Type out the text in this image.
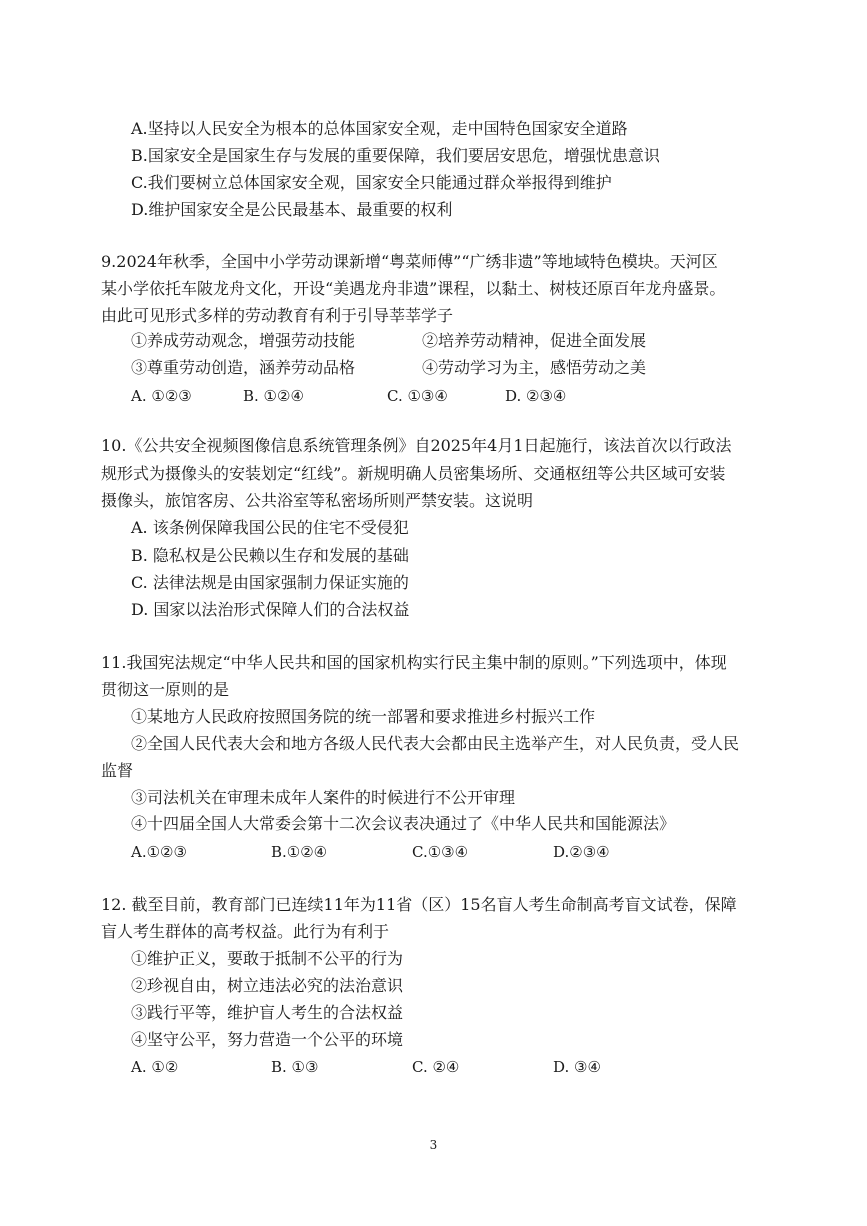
A.坚持以人民安全为根本的总体国家安全观，走中国特色国家安全道路
B.国家安全是国家生存与发展的重要保障，我们要居安思危，增强忧患意识
C.我们要树立总体国家安全观，国家安全只能通过群众举报得到维护
D.维护国家安全是公民最基本、最重要的权利
9.2024年秋季，全国中小学劳动课新增“粤菜师傅”“广绣非遗”等地域特色模块。天河区
某小学依托车陂龙舟文化，开设“美遇龙舟非遗”课程，以黏土、树枝还原百年龙舟盛景。
由此可见形式多样的劳动教育有利于引导莘莘学子
①养成劳动观念，增强劳动技能	②培养劳动精神，促进全面发展
③尊重劳动创造，涵养劳动品格	④劳动学习为主，感悟劳动之美
A. ①②③	B. ①②④	C. ①③④	D. ②③④
10.《公共安全视频图像信息系统管理条例》自2025年4月1日起施行，该法首次以行政法
规形式为摄像头的安装划定“红线”。新规明确人员密集场所、交通枢纽等公共区域可安装
摄像头，旅馆客房、公共浴室等私密场所则严禁安装。这说明
A. 该条例保障我国公民的住宅不受侵犯
B. 隐私权是公民赖以生存和发展的基础
C. 法律法规是由国家强制力保证实施的
D. 国家以法治形式保障人们的合法权益
11.我国宪法规定“中华人民共和国的国家机构实行民主集中制的原则。”下列选项中，体现
贯彻这一原则的是
①某地方人民政府按照国务院的统一部署和要求推进乡村振兴工作
②全国人民代表大会和地方各级人民代表大会都由民主选举产生，对人民负责，受人民
监督
③司法机关在审理未成年人案件的时候进行不公开审理
④十四届全国人大常委会第十二次会议表决通过了《中华人民共和国能源法》
A.①②③	B.①②④	C.①③④	D.②③④
12. 截至目前，教育部门已连续11年为11省（区）15名盲人考生命制高考盲文试卷，保障
盲人考生群体的高考权益。此行为有利于
①维护正义，要敢于抵制不公平的行为
②珍视自由，树立违法必究的法治意识
③践行平等，维护盲人考生的合法权益
④坚守公平，努力营造一个公平的环境
A. ①②	B. ①③	C. ②④	D. ③④
3
